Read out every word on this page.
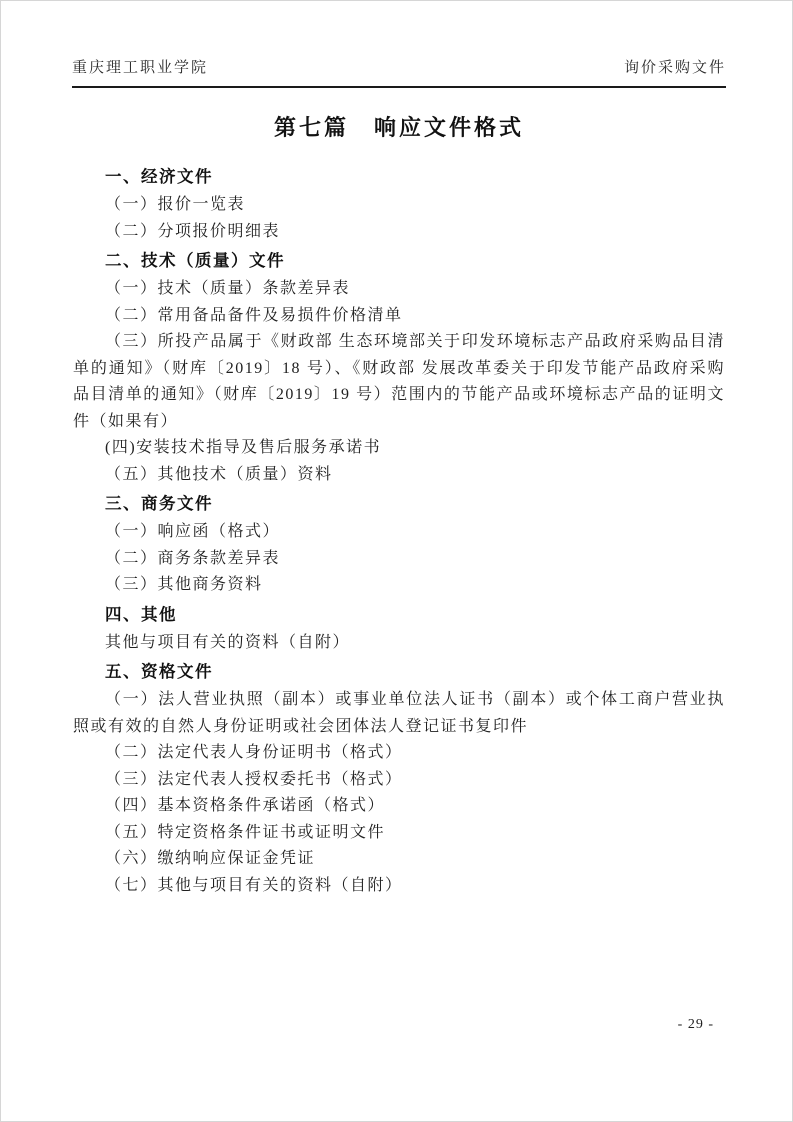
重庆理工职业学院	询价采购文件
第七篇　响应文件格式
一、经济文件

（一）报价一览表

（二）分项报价明细表

二、技术（质量）文件

（一）技术（质量）条款差异表

（二）常用备品备件及易损件价格清单

（三）所投产品属于《财政部 生态环境部关于印发环境标志产品政府采购品目清单的通知》（财库〔2019〕18 号）、《财政部 发展改革委关于印发节能产品政府采购品目清单的通知》（财库〔2019〕19 号）范围内的节能产品或环境标志产品的证明文件（如果有）

(四)安装技术指导及售后服务承诺书

（五）其他技术（质量）资料

三、商务文件

（一）响应函（格式）

（二）商务条款差异表

（三）其他商务资料

四、其他

其他与项目有关的资料（自附）

五、资格文件

（一）法人营业执照（副本）或事业单位法人证书（副本）或个体工商户营业执照或有效的自然人身份证明或社会团体法人登记证书复印件

（二）法定代表人身份证明书（格式）

（三）法定代表人授权委托书（格式）

（四）基本资格条件承诺函（格式）

（五）特定资格条件证书或证明文件

（六）缴纳响应保证金凭证

（七）其他与项目有关的资料（自附）

- 29 -
